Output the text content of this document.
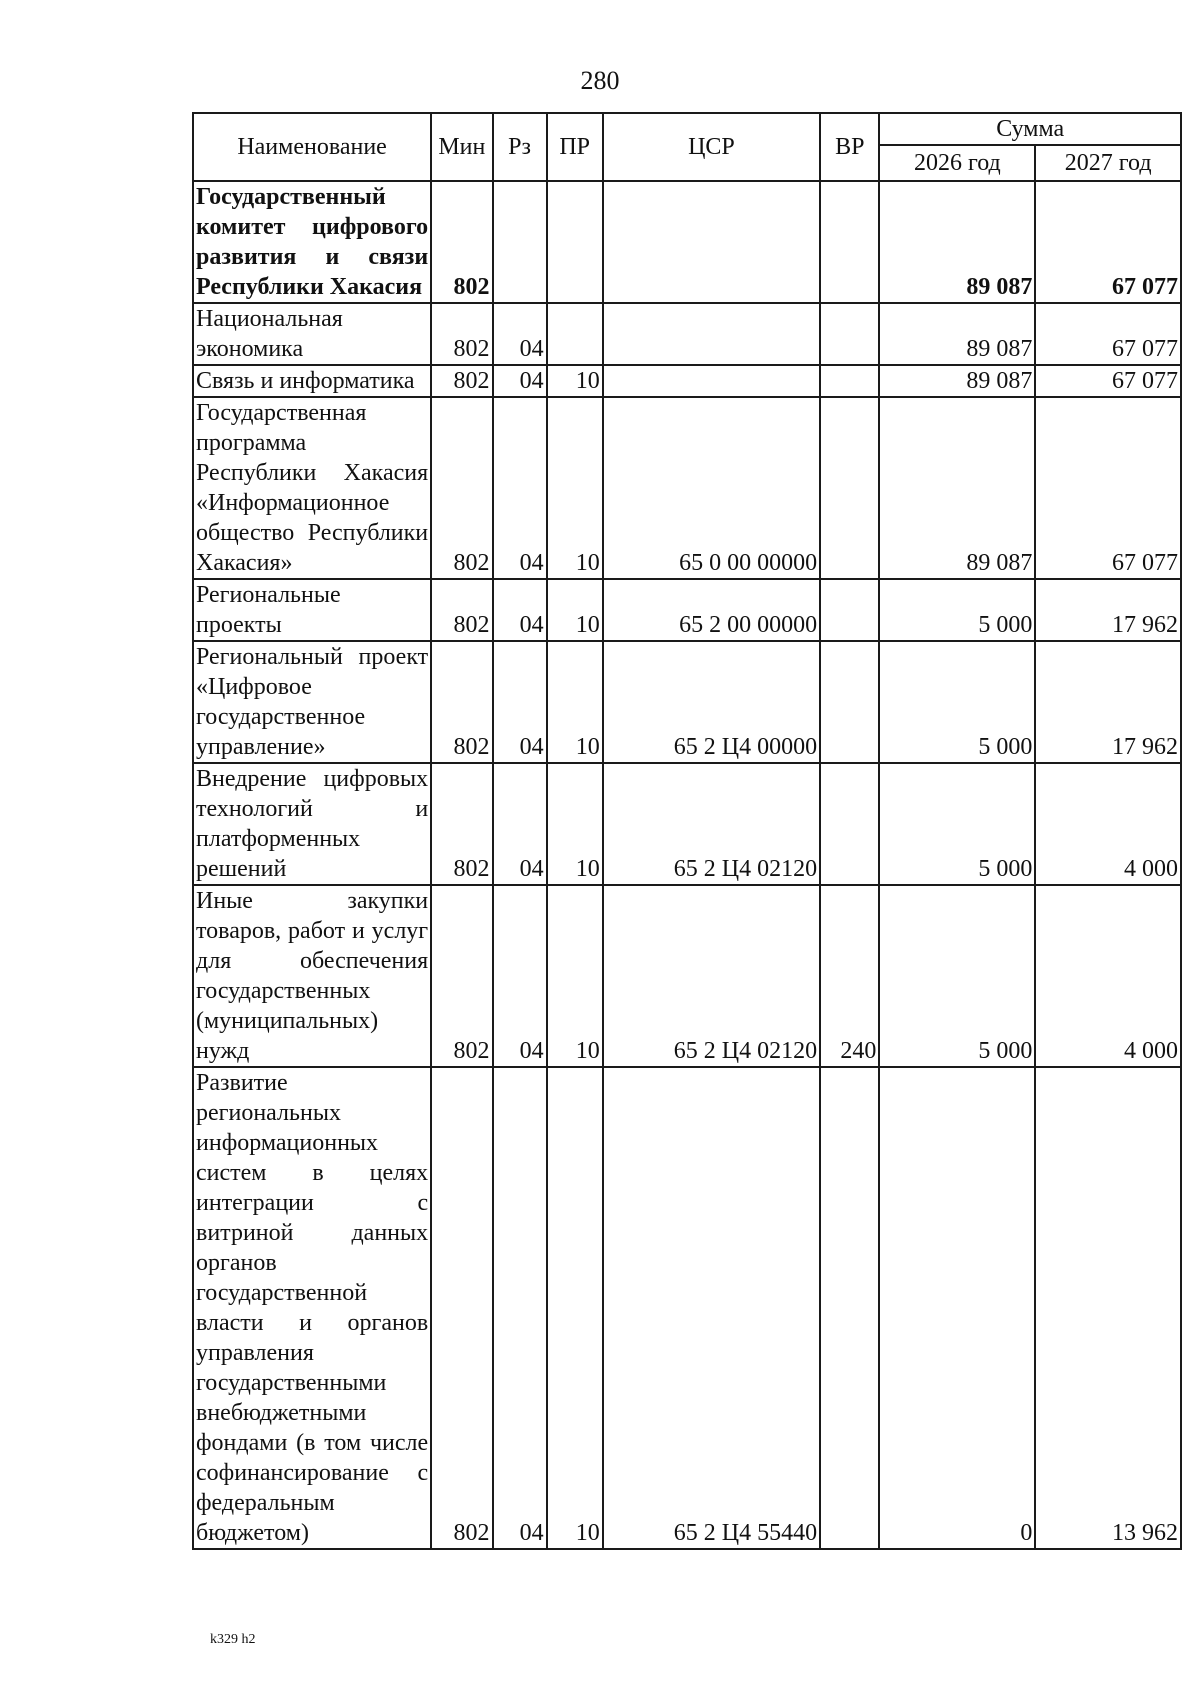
280
Наименование	Мин	Рз	ПР	ЦСР	ВР	Сумма	
						2026 год	2027 год
Государственный комитет цифрового развития и связи Республики Хакасия	802					89 087	67 077
Национальная экономика	802	04				89 087	67 077
Связь и информатика	802	04	10			89 087	67 077
Государственная программа Республики Хакасия «Информационное общество Республики Хакасия»	802	04	10	65 0 00 00000		89 087	67 077
Региональные проекты	802	04	10	65 2 00 00000		5 000	17 962
Региональный проект «Цифровое государственное управление»	802	04	10	65 2 Ц4 00000		5 000	17 962
Внедрение цифровых технологий и платформенных решений	802	04	10	65 2 Ц4 02120		5 000	4 000
Иные закупки товаров, работ и услуг для обеспечения государственных (муниципальных) нужд	802	04	10	65 2 Ц4 02120	240	5 000	4 000
Развитие региональных информационных систем в целях интеграции с витриной данных органов государственной власти и органов управления государственными внебюджетными фондами (в том числе софинансирование с федеральным бюджетом)	802	04	10	65 2 Ц4 55440		0	13 962
k329 h2
